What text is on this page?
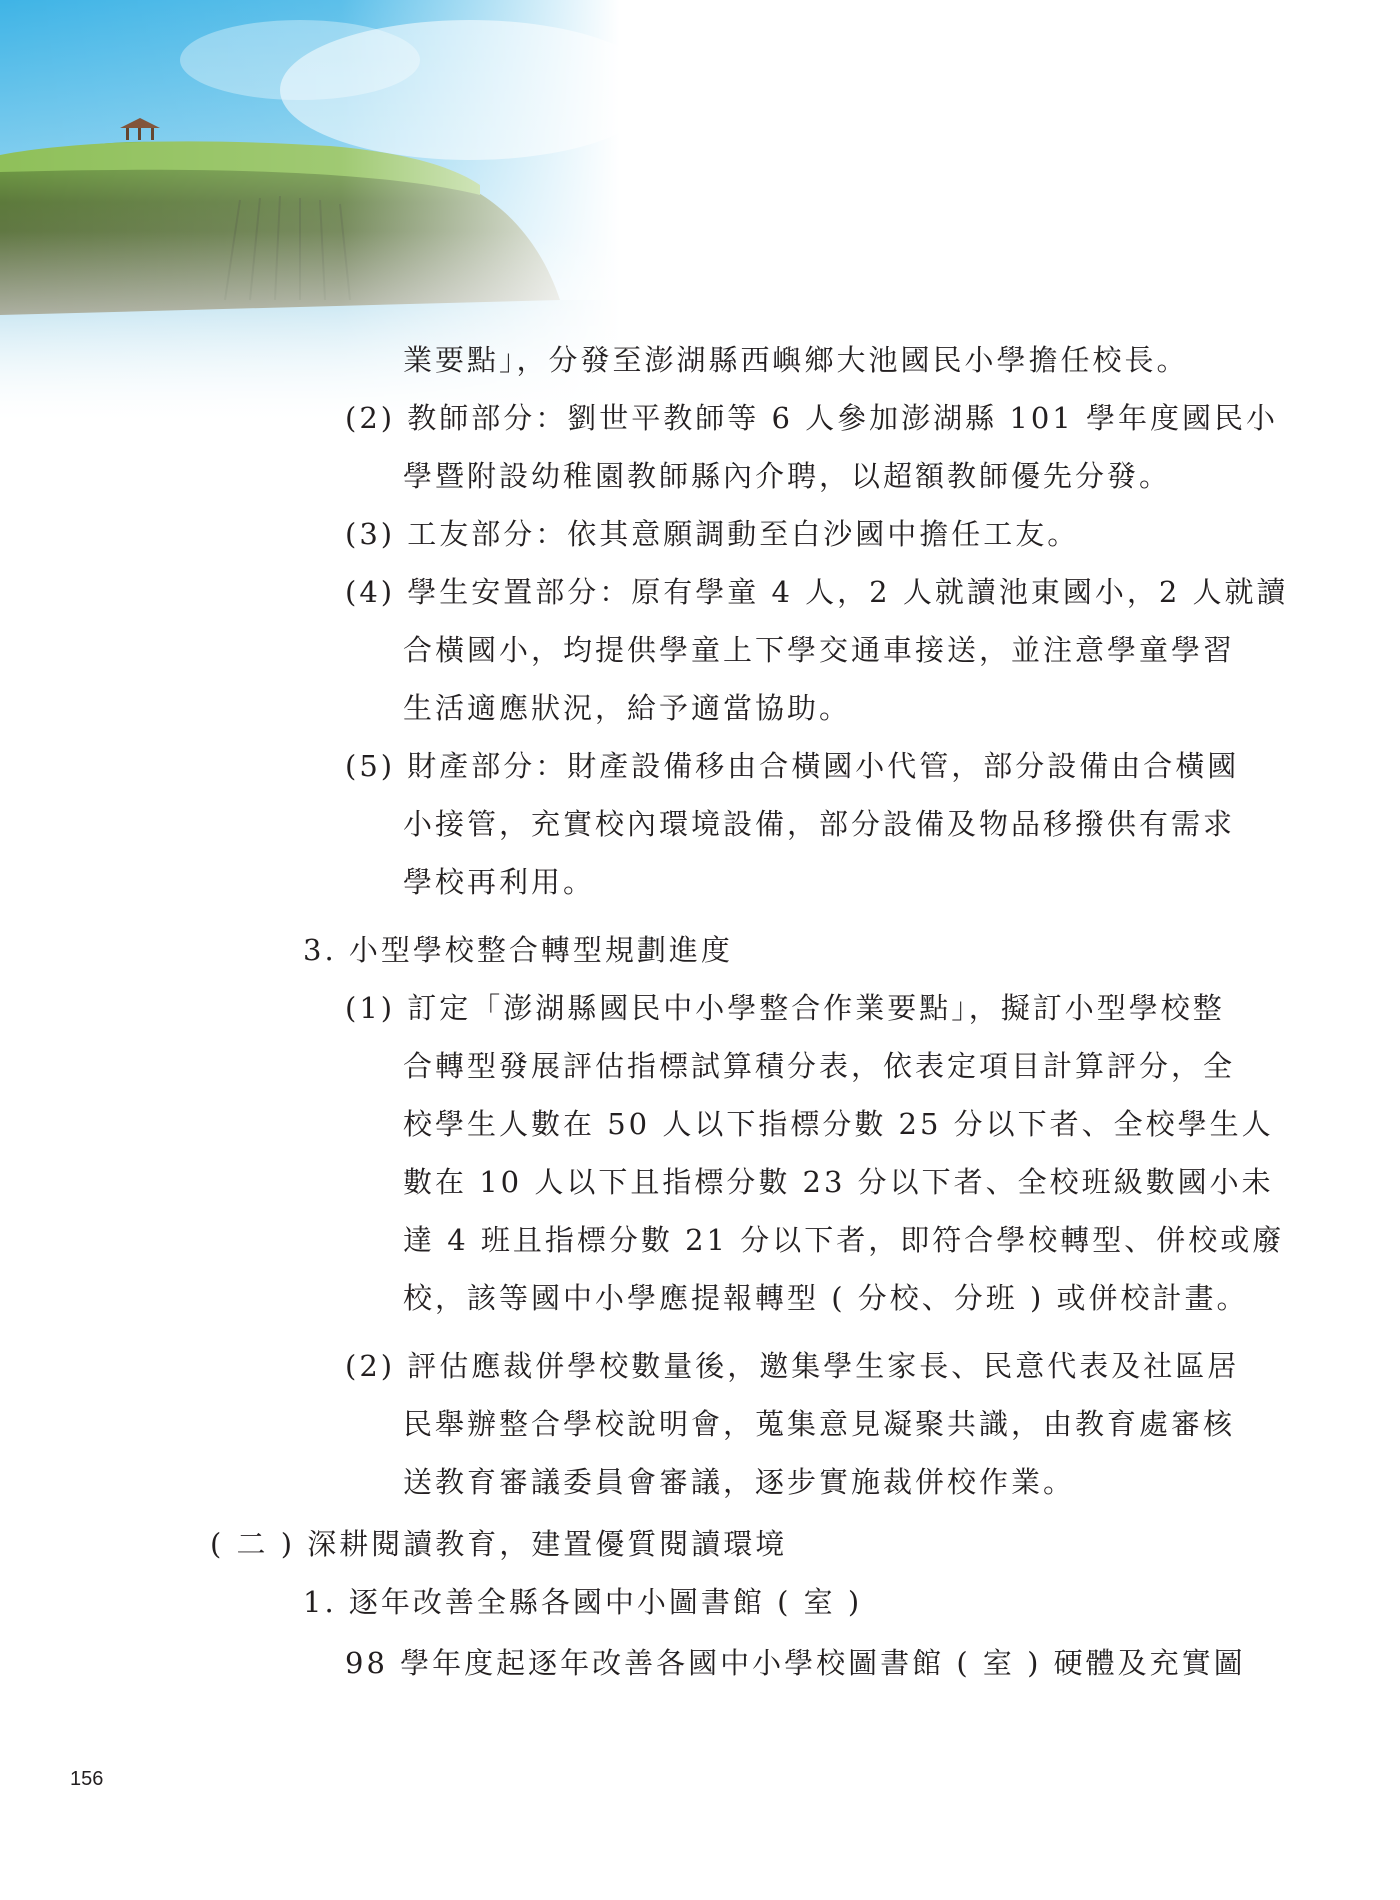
業要點」，分發至澎湖縣西嶼鄉大池國民小學擔任校長。
(2) 教師部分：劉世平教師等 6 人參加澎湖縣 101 學年度國民小
學暨附設幼稚園教師縣內介聘，以超額教師優先分發。
(3) 工友部分：依其意願調動至白沙國中擔任工友。
(4) 學生安置部分：原有學童 4 人，2 人就讀池東國小，2 人就讀
合橫國小，均提供學童上下學交通車接送，並注意學童學習
生活適應狀況，給予適當協助。
(5) 財產部分：財產設備移由合橫國小代管，部分設備由合橫國
小接管，充實校內環境設備，部分設備及物品移撥供有需求
學校再利用。
3. 小型學校整合轉型規劃進度
(1) 訂定「澎湖縣國民中小學整合作業要點」，擬訂小型學校整
合轉型發展評估指標試算積分表，依表定項目計算評分，全
校學生人數在 50 人以下指標分數 25 分以下者、全校學生人
數在 10 人以下且指標分數 23 分以下者、全校班級數國小未
達 4 班且指標分數 21 分以下者，即符合學校轉型、併校或廢
校，該等國中小學應提報轉型 ( 分校、分班 ) 或併校計畫。
(2) 評估應裁併學校數量後，邀集學生家長、民意代表及社區居
民舉辦整合學校說明會，蒐集意見凝聚共識，由教育處審核
送教育審議委員會審議，逐步實施裁併校作業。
( 二 ) 深耕閱讀教育，建置優質閱讀環境
1. 逐年改善全縣各國中小圖書館 ( 室 )
98 學年度起逐年改善各國中小學校圖書館 ( 室 ) 硬體及充實圖
156
